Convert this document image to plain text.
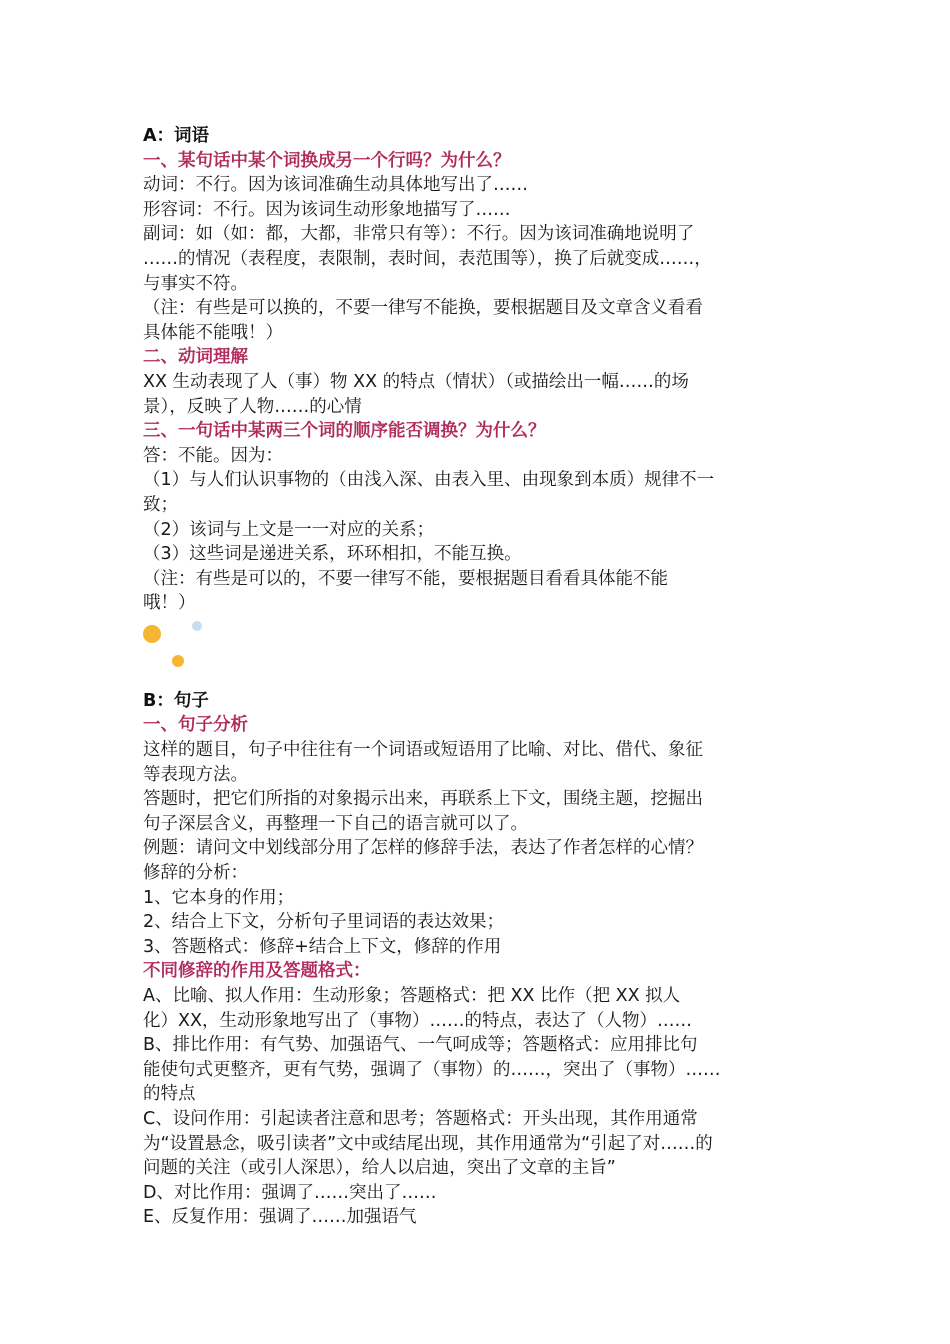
A：词语
一、某句话中某个词换成另一个行吗？为什么？
动词：不行。因为该词准确生动具体地写出了……
形容词：不行。因为该词生动形象地描写了……
副词：如（如：都，大都，非常只有等）：不行。因为该词准确地说明了
……的情况（表程度，表限制，表时间，表范围等），换了后就变成……，
与事实不符。
（注：有些是可以换的，不要一律写不能换，要根据题目及文章含义看看
具体能不能哦！）
二、动词理解
XX 生动表现了人（事）物 XX 的特点（情状）（或描绘出一幅……的场
景），反映了人物……的心情
三、一句话中某两三个词的顺序能否调换？为什么？
答：不能。因为：
（1）与人们认识事物的（由浅入深、由表入里、由现象到本质）规律不一
致；
（2）该词与上文是一一对应的关系；
（3）这些词是递进关系，环环相扣，不能互换。
（注：有些是可以的，不要一律写不能，要根据题目看看具体能不能
哦！）
B：句子
一、句子分析
这样的题目，句子中往往有一个词语或短语用了比喻、对比、借代、象征
等表现方法。
答题时，把它们所指的对象揭示出来，再联系上下文，围绕主题，挖掘出
句子深层含义，再整理一下自己的语言就可以了。
例题：请问文中划线部分用了怎样的修辞手法，表达了作者怎样的心情？
修辞的分析：
1、它本身的作用；
2、结合上下文，分析句子里词语的表达效果；
3、答题格式：修辞+结合上下文，修辞的作用
不同修辞的作用及答题格式：
A、比喻、拟人作用：生动形象；答题格式：把 XX 比作（把 XX 拟人
化）XX，生动形象地写出了（事物）……的特点，表达了（人物）……
B、排比作用：有气势、加强语气、一气呵成等；答题格式：应用排比句
能使句式更整齐，更有气势，强调了（事物）的……，突出了（事物）……
的特点
C、设问作用：引起读者注意和思考；答题格式：开头出现，其作用通常
为“设置悬念，吸引读者”文中或结尾出现，其作用通常为“引起了对……的
问题的关注（或引人深思），给人以启迪，突出了文章的主旨”
D、对比作用：强调了……突出了……
E、反复作用：强调了……加强语气
